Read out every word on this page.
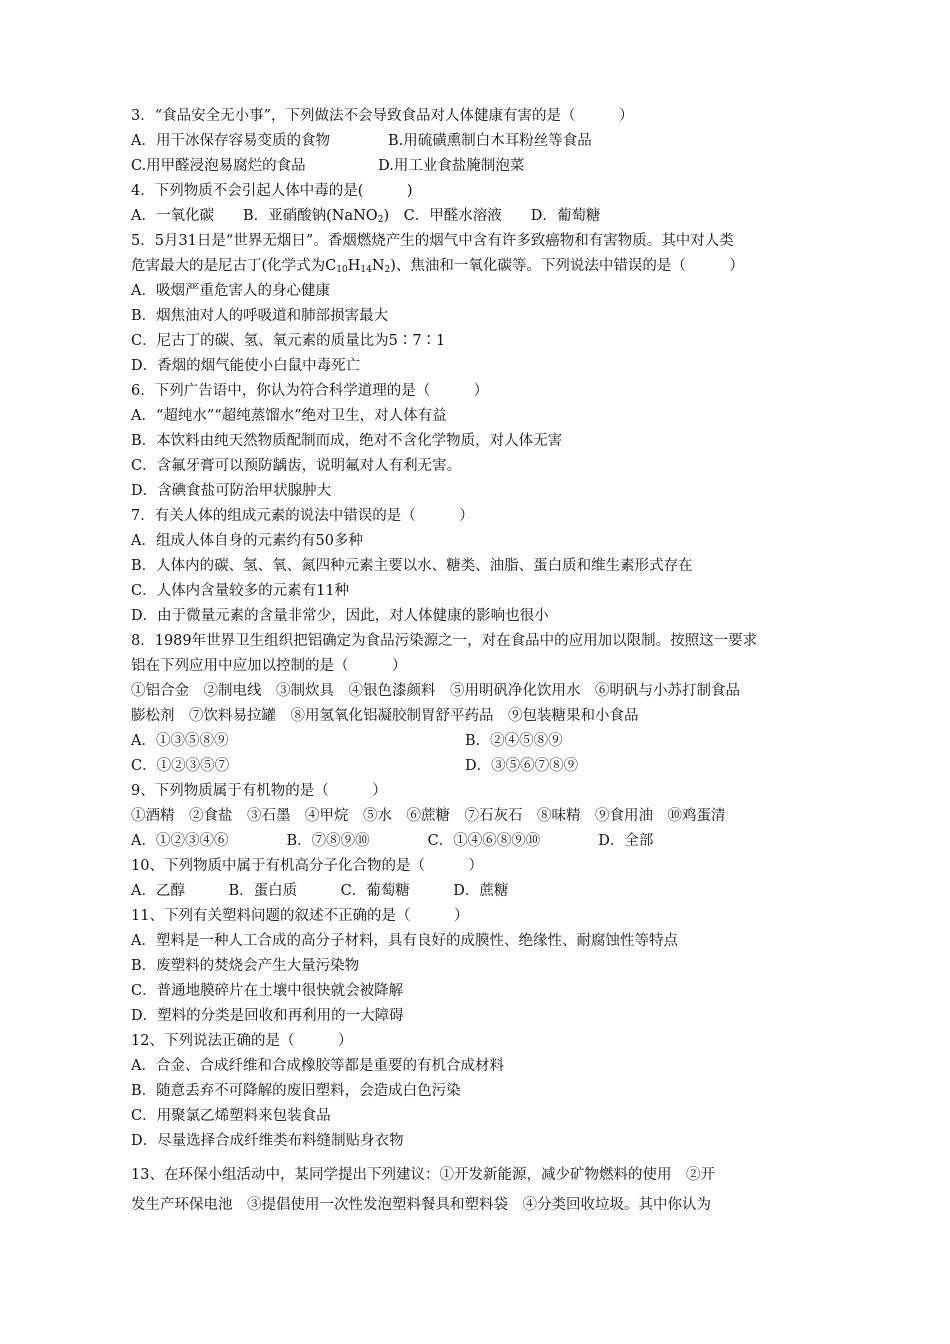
3．“食品安全无小事”，下列做法不会导致食品对人体健康有害的是（　　　）
A．用干冰保存容易变质的食物　　　　B.用硫磺熏制白木耳粉丝等食品
C.用甲醛浸泡易腐烂的食品　　　　　D.用工业食盐腌制泡菜
4．下列物质不会引起人体中毒的是(　　　)
A．一氧化碳　　B．亚硝酸钠(NaNO$_2$)　C．甲醛水溶液　　D．葡萄糖
5．5月31日是“世界无烟日”。香烟燃烧产生的烟气中含有许多致癌物和有害物质。其中对人类
危害最大的是尼古丁(化学式为$C_{10}H_{14}N_2$)、焦油和一氧化碳等。下列说法中错误的是（　　　）
A．吸烟严重危害人的身心健康
B．烟焦油对人的呼吸道和肺部损害最大
C．尼古丁的碳、氢、氧元素的质量比为5∶7∶1
D．香烟的烟气能使小白鼠中毒死亡
6．下列广告语中，你认为符合科学道理的是（　　　）
A．“超纯水”“超纯蒸馏水”绝对卫生，对人体有益
B．本饮料由纯天然物质配制而成，绝对不含化学物质，对人体无害
C．含氟牙膏可以预防龋齿，说明氟对人有利无害。
D．含碘食盐可防治甲状腺肿大
7．有关人体的组成元素的说法中错误的是（　　　）
A．组成人体自身的元素约有50多种
B．人体内的碳、氢、氧、氮四种元素主要以水、糖类、油脂、蛋白质和维生素形式存在
C．人体内含量较多的元素有11种
D．由于微量元素的含量非常少，因此，对人体健康的影响也很小
8．1989年世界卫生组织把铝确定为食品污染源之一，对在食品中的应用加以限制。按照这一要求
铝在下列应用中应加以控制的是（　　　）
①铝合金　②制电线　③制炊具　④银色漆颜料　⑤用明矾净化饮用水　⑥明矾与小苏打制食品
膨松剂　⑦饮料易拉罐　⑧用氢氧化铝凝胶制胃舒平药品　⑨包装糖果和小食品
A．①③⑤⑧⑨	B．②④⑤⑧⑨
C．①②③⑤⑦	D．③⑤⑥⑦⑧⑨
9、下列物质属于有机物的是（　　　）
①酒精　②食盐　③石墨　④甲烷　⑤水　⑥蔗糖　⑦石灰石　⑧味精　⑨食用油　⑩鸡蛋清
A．①②③④⑥　　　　B．⑦⑧⑨⑩　　　　C．①④⑥⑧⑨⑩　　　　D．全部
10、下列物质中属于有机高分子化合物的是（　　　）
A．乙醇　　　B．蛋白质　　　C．葡萄糖　　　D．蔗糖
11、下列有关塑料问题的叙述不正确的是（　　　）
A．塑料是一种人工合成的高分子材料，具有良好的成膜性、绝缘性、耐腐蚀性等特点
B．废塑料的焚烧会产生大量污染物
C．普通地膜碎片在土壤中很快就会被降解
D．塑料的分类是回收和再利用的一大障碍
12、下列说法正确的是（　　　）
A．合金、合成纤维和合成橡胶等都是重要的有机合成材料
B．随意丢弃不可降解的废旧塑料，会造成白色污染
C．用聚氯乙烯塑料来包装食品
D．尽量选择合成纤维类布料缝制贴身衣物
13、在环保小组活动中，某同学提出下列建议：①开发新能源，减少矿物燃料的使用　②开
发生产环保电池　③提倡使用一次性发泡塑料餐具和塑料袋　④分类回收垃圾。其中你认为
